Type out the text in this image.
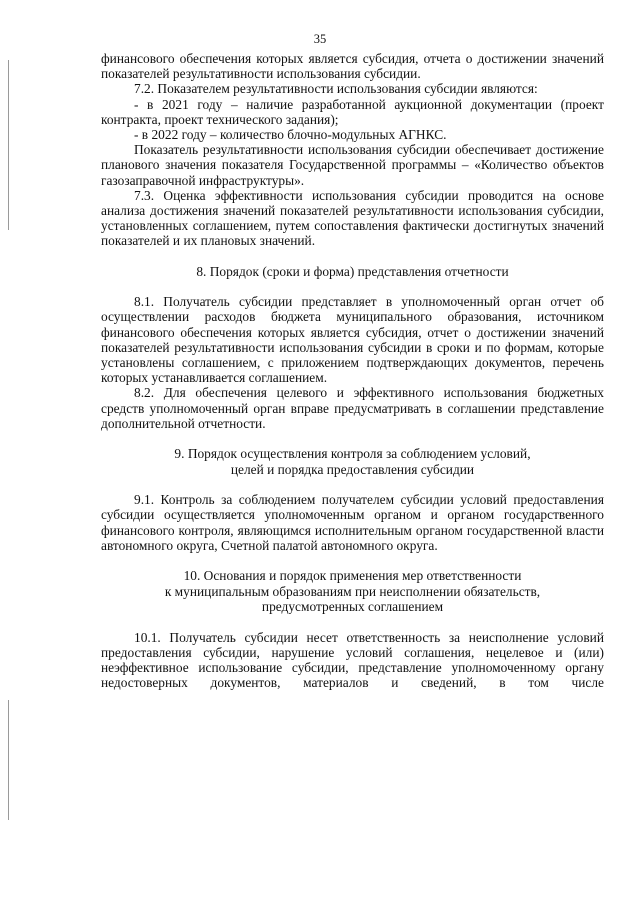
35

финансового обеспечения которых является субсидия, отчета о достижении значений показателей результативности использования субсидии.

7.2. Показателем результативности использования субсидии являются:

- в 2021 году – наличие разработанной аукционной документации (проект контракта, проект технического задания);

- в 2022 году – количество блочно-модульных АГНКС.

Показатель результативности использования субсидии обеспечивает достижение планового значения показателя Государственной программы – «Количество объектов газозаправочной инфраструктуры».

7.3. Оценка эффективности использования субсидии проводится на основе анализа достижения значений показателей результативности использования субсидии, установленных соглашением, путем сопоставления фактически достигнутых значений показателей и их плановых значений.

8. Порядок (сроки и форма) представления отчетности

8.1. Получатель субсидии представляет в уполномоченный орган отчет об осуществлении расходов бюджета муниципального образования, источником финансового обеспечения которых является субсидия, отчет о достижении значений показателей результативности использования субсидии в сроки и по формам, которые установлены соглашением, с приложением подтверждающих документов, перечень которых устанавливается соглашением.

8.2. Для обеспечения целевого и эффективного использования бюджетных средств уполномоченный орган вправе предусматривать в соглашении представление дополнительной отчетности.

9. Порядок осуществления контроля за соблюдением условий,
целей и порядка предоставления субсидии

9.1. Контроль за соблюдением получателем субсидии условий предоставления субсидии осуществляется уполномоченным органом и органом государственного финансового контроля, являющимся исполнительным органом государственной власти автономного округа, Счетной палатой автономного округа.

10. Основания и порядок применения мер ответственности
к муниципальным образованиям при неисполнении обязательств,
предусмотренных соглашением

10.1. Получатель субсидии несет ответственность за неисполнение условий предоставления субсидии, нарушение условий соглашения, нецелевое и (или) неэффективное использование субсидии, представление уполномоченному органу недостоверных документов, материалов и сведений, в том числе
